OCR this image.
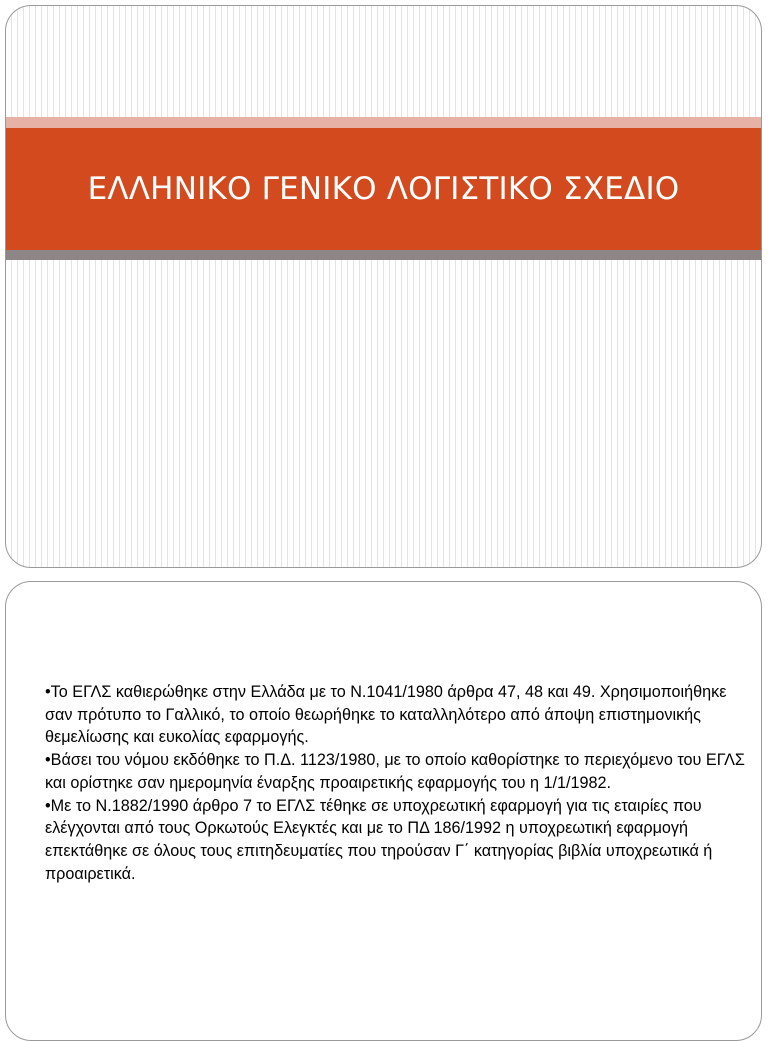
ΕΛΛΗΝΙΚΟ ΓΕΝΙΚΟ ΛΟΓΙΣΤΙΚΟ ΣΧΕΔΙΟ

•Το ΕΓΛΣ καθιερώθηκε στην Ελλάδα με το Ν.1041/1980 άρθρα 47, 48 και 49. Χρησιμοποιήθηκε σαν πρότυπο το Γαλλικό, το οποίο θεωρήθηκε το καταλληλότερο από άποψη επιστημονικής θεμελίωσης και ευκολίας εφαρμογής.

•Βάσει του νόμου εκδόθηκε το Π.Δ. 1123/1980, με το οποίο καθορίστηκε το περιεχόμενο του ΕΓΛΣ και ορίστηκε σαν ημερομηνία έναρξης προαιρετικής εφαρμογής του η 1/1/1982.

•Με το Ν.1882/1990 άρθρο 7 το ΕΓΛΣ τέθηκε σε υποχρεωτική εφαρμογή για τις εταιρίες που ελέγχονται από τους Ορκωτούς Ελεγκτές και με το ΠΔ 186/1992 η υποχρεωτική εφαρμογή επεκτάθηκε σε όλους τους επιτηδευματίες που τηρούσαν Γ΄ κατηγορίας βιβλία υποχρεωτικά ή προαιρετικά.
